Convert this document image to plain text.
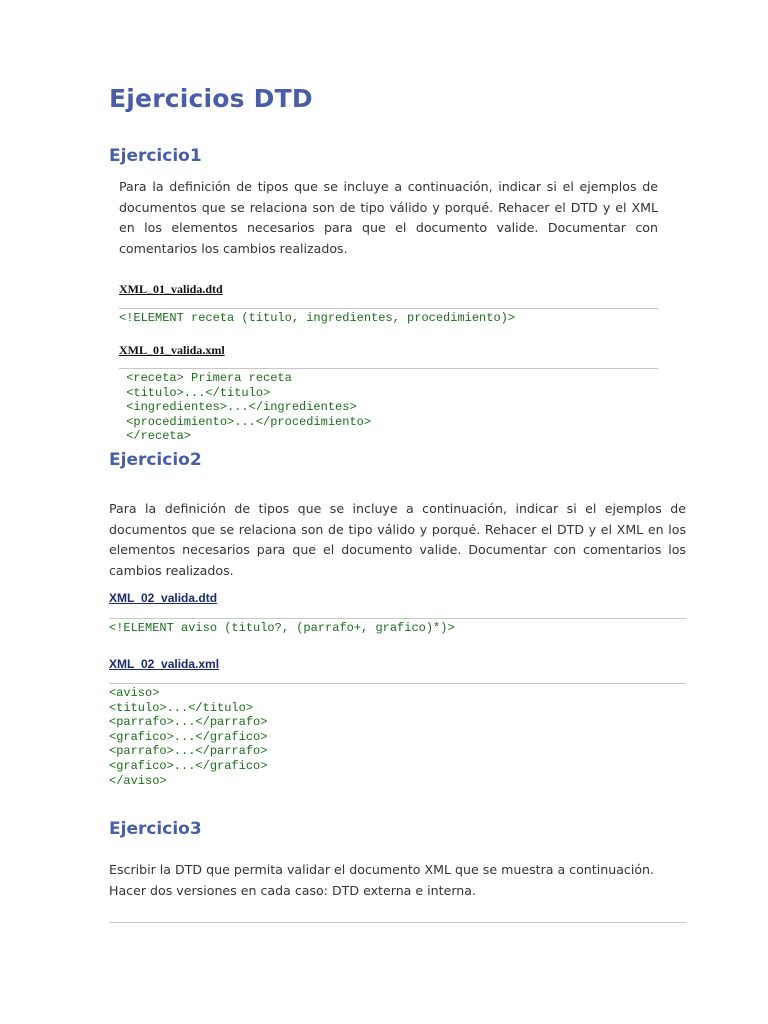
Ejercicios DTD
Ejercicio1
Para la definición de tipos que se incluye a continuación, indicar si el ejemplos de documentos que se relaciona son de tipo válido y porqué. Rehacer el DTD y el XML en los elementos necesarios para que el documento valide. Documentar con comentarios los cambios realizados.
XML_01_valida.dtd
<!ELEMENT receta (titulo, ingredientes, procedimiento)>
XML_01_valida.xml
<receta> Primera receta
<titulo>...</titulo>
<ingredientes>...</ingredientes>
<procedimiento>...</procedimiento>
</receta>
Ejercicio2
Para la definición de tipos que se incluye a continuación, indicar si el ejemplos de documentos que se relaciona son de tipo válido y porqué. Rehacer el DTD y el XML en los elementos necesarios para que el documento valide. Documentar con comentarios los cambios realizados.
XML_02_valida.dtd
<!ELEMENT aviso (titulo?, (parrafo+, grafico)*)>
XML_02_valida.xml
<aviso>
<titulo>...</titulo>
<parrafo>...</parrafo>
<grafico>...</grafico>
<parrafo>...</parrafo>
<grafico>...</grafico>
</aviso>
Ejercicio3
Escribir la DTD que permita validar el documento XML que se muestra a continuación. Hacer dos versiones en cada caso: DTD externa e interna.
